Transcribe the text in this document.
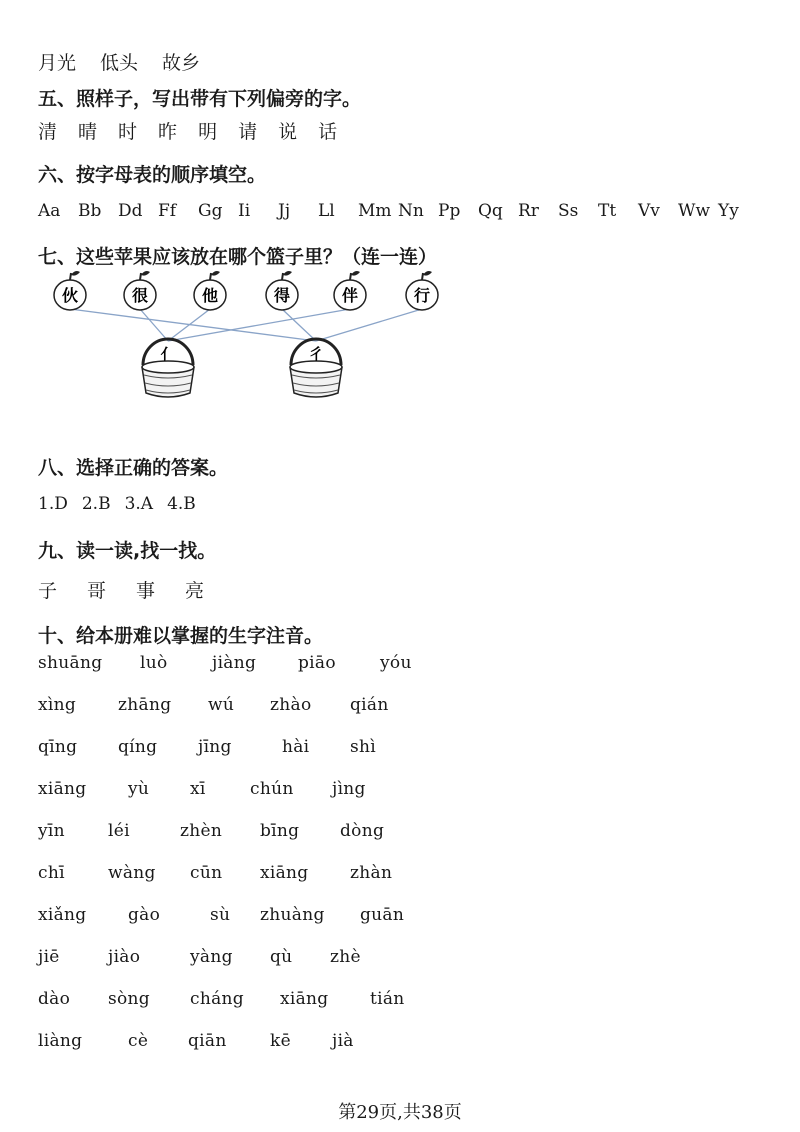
月光 低头 故乡
五、照样子，写出带有下列偏旁的字。
清 晴 时 昨 明 请 说 话
六、按字母表的顺序填空。
Aa	Bb Dd Ff	Gg Ii	Jj	Ll	Mm Nn Pp	Qq Rr	Ss	Tt	Vv	Ww Yy
七、这些苹果应该放在哪个篮子里？（连一连）
伙	很	他	得	伴	行
亻	彳
八、选择正确的答案。
1.D 2.B 3.A 4.B
九、读一读,找一找。
子 哥 事 亮
十、给本册难以掌握的生字注音。
shuāng luò	jiàng piāo	yóu
xìng zhāng wú zhào qián
qīng qíng jīng	hài shì
xiāng yù xī	chún jìng
yīn	léi	zhèn bīng dòng
chī	wàng cūn xiāng zhàn
xiǎng gào	sù zhuàng guān
jiē	jiào	yàng qù zhè
dào sòng cháng xiāng tián
liàng	cè qiān	kē jià
第29页,共38页
